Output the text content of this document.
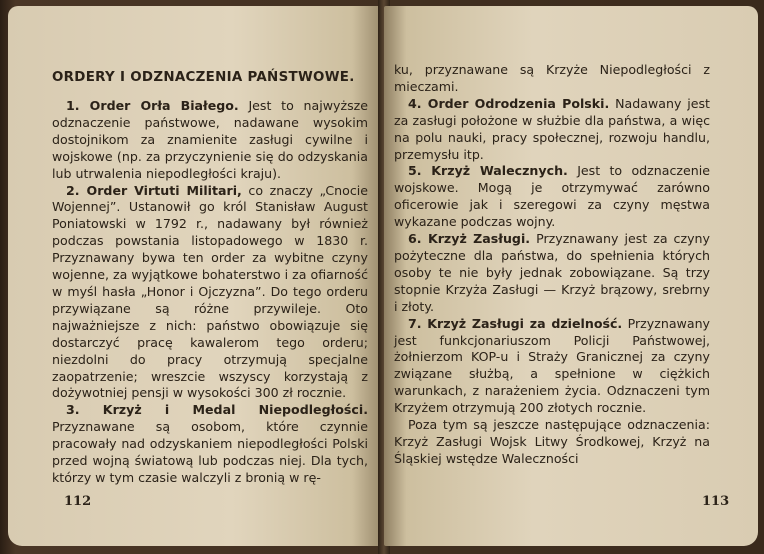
ORDERY I ODZNACZENIA PAŃSTWOWE.

1. Order Orła Białego. Jest to najwyższe odznaczenie państwowe, nadawane wysokim dostojnikom za znamienite zasługi cywilne i wojskowe (np. za przyczynienie się do odzyskania lub utrwalenia niepodległości kraju).

2. Order Virtuti Militari, co znaczy „Cnocie Wojennej”. Ustanowił go król Stanisław August Poniatowski w 1792 r., nadawany był również podczas powstania listopadowego w 1830 r. Przyznawany bywa ten order za wybitne czyny wojenne, za wyjątkowe bohaterstwo i za ofiarność w myśl hasła „Honor i Ojczyzna”. Do tego orderu przywiązane są różne przywileje. Oto najważniejsze z nich: państwo obowiązuje się dostarczyć pracę kawalerom tego orderu; niezdolni do pracy otrzymują specjalne zaopatrzenie; wreszcie wszyscy korzystają z dożywotniej pensji w wysokości 300 zł rocznie.

3. Krzyż i Medal Niepodległości. Przyznawane są osobom, które czynnie pracowały nad odzyskaniem niepodległości Polski przed wojną światową lub podczas niej. Dla tych, którzy w tym czasie walczyli z bronią w rę-

112

ku, przyznawane są Krzyże Niepodległości z mieczami.

4. Order Odrodzenia Polski. Nadawany jest za zasługi położone w służbie dla państwa, a więc na polu nauki, pracy społecznej, rozwoju handlu, przemysłu itp.

5. Krzyż Walecznych. Jest to odznaczenie wojskowe. Mogą je otrzymywać zarówno oficerowie jak i szeregowi za czyny męstwa wykazane podczas wojny.

6. Krzyż Zasługi. Przyznawany jest za czyny pożyteczne dla państwa, do spełnienia których osoby te nie były jednak zobowiązane. Są trzy stopnie Krzyża Zasługi — Krzyż brązowy, srebrny i złoty.

7. Krzyż Zasługi za dzielność. Przyznawany jest funkcjonariuszom Policji Państwowej, żołnierzom KOP-u i Straży Granicznej za czyny związane służbą, a spełnione w ciężkich warunkach, z narażeniem życia. Odznaczeni tym Krzyżem otrzymują 200 złotych rocznie.

Poza tym są jeszcze następujące odznaczenia: Krzyż Zasługi Wojsk Litwy Środkowej, Krzyż na Śląskiej wstędze Waleczności

113
